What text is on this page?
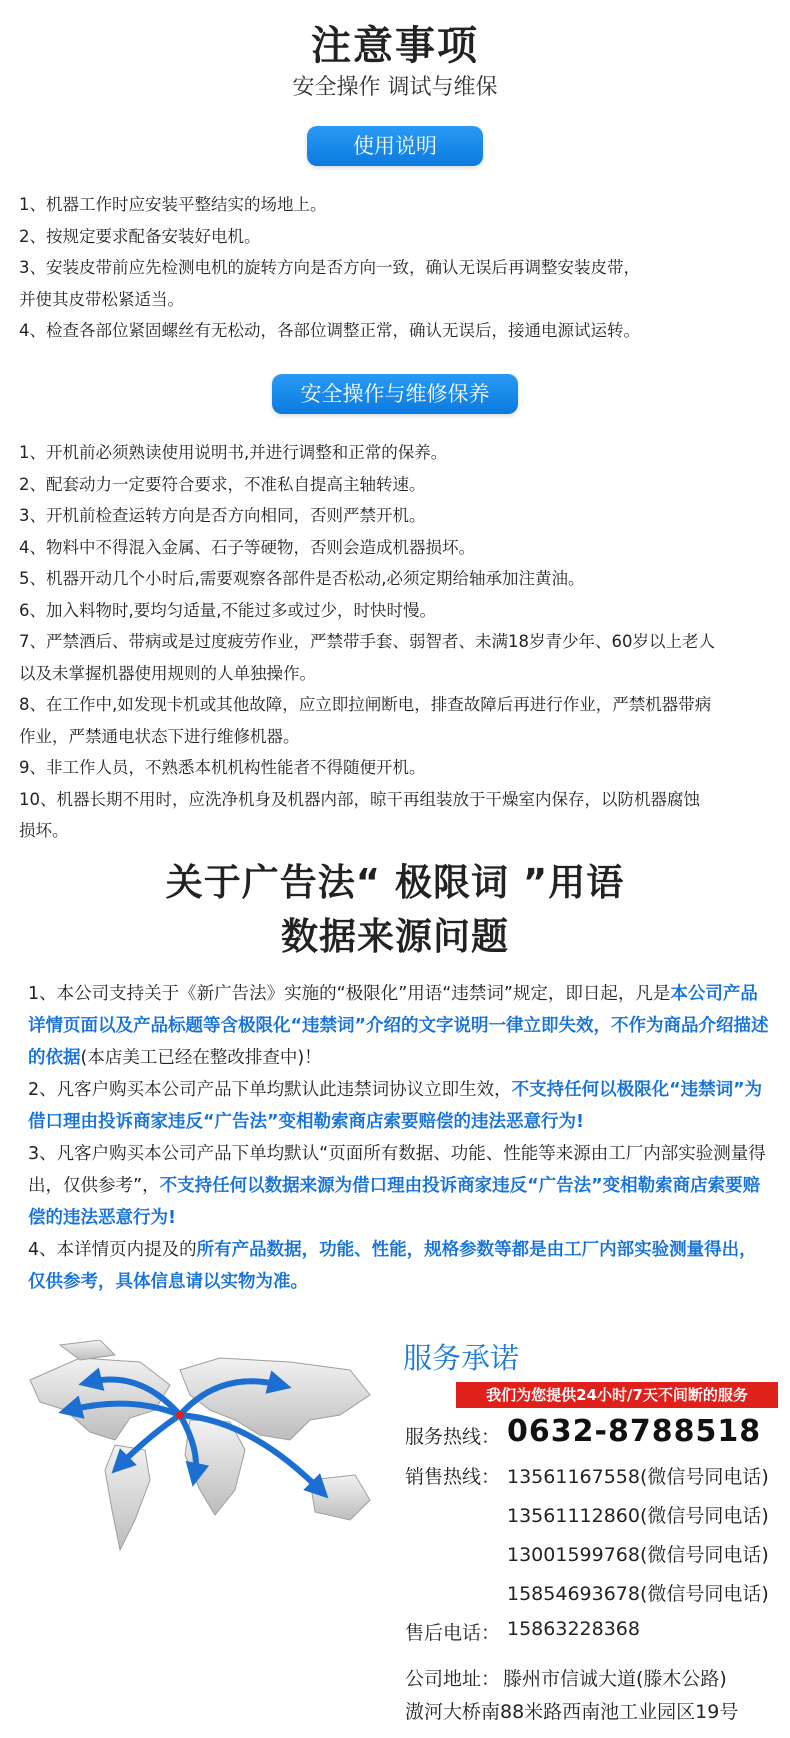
注意事项
安全操作 调试与维保
使用说明

1、机器工作时应安装平整结实的场地上。

2、按规定要求配备安装好电机。

3、安装皮带前应先检测电机的旋转方向是否方向一致，确认无误后再调整安装皮带，

并使其皮带松紧适当。

4、检查各部位紧固螺丝有无松动，各部位调整正常，确认无误后，接通电源试运转。

安全操作与维修保养

1、开机前必须熟读使用说明书,并进行调整和正常的保养。

2、配套动力一定要符合要求，不准私自提高主轴转速。

3、开机前检查运转方向是否方向相同，否则严禁开机。

4、物料中不得混入金属、石子等硬物，否则会造成机器损坏。

5、机器开动几个小时后,需要观察各部件是否松动,必须定期给轴承加注黄油。

6、加入料物时,要均匀适量,不能过多或过少，时快时慢。

7、严禁酒后、带病或是过度疲劳作业，严禁带手套、弱智者、未满18岁青少年、60岁以上老人

以及未掌握机器使用规则的人单独操作。

8、在工作中,如发现卡机或其他故障，应立即拉闸断电，排查故障后再进行作业，严禁机器带病

作业，严禁通电状态下进行维修机器。

9、非工作人员，不熟悉本机机构性能者不得随便开机。

10、机器长期不用时，应洗净机身及机器内部，晾干再组装放于干燥室内保存，以防机器腐蚀

损坏。

关于广告法“ 极限词 ”用语
数据来源问题

1、本公司支持关于《新广告法》实施的“极限化”用语“违禁词”规定，即日起，凡是本公司产品详情页面以及产品标题等含极限化“违禁词”介绍的文字说明一律立即失效，不作为商品介绍描述的依据(本店美工已经在整改排查中)！

2、凡客户购买本公司产品下单均默认此违禁词协议立即生效，不支持任何以极限化“违禁词”为借口理由投诉商家违反“广告法”变相勒索商店索要赔偿的违法恶意行为!

3、凡客户购买本公司产品下单均默认“页面所有数据、功能、性能等来源由工厂内部实验测量得出，仅供参考”，不支持任何以数据来源为借口理由投诉商家违反“广告法”变相勒索商店索要赔偿的违法恶意行为!

4、本详情页内提及的所有产品数据，功能、性能，规格参数等都是由工厂内部实验测量得出，仅供参考，具体信息请以实物为准。

服务承诺
我们为您提供24小时/7天不间断的服务
服务热线： 0632-8788518
销售热线： 13561167558(微信号同电话)
13561112860(微信号同电话)
13001599768(微信号同电话)
15854693678(微信号同电话)
售后电话： 15863228368
公司地址： 滕州市信诚大道(滕木公路)
滶河大桥南88米路西南池工业园区19号
